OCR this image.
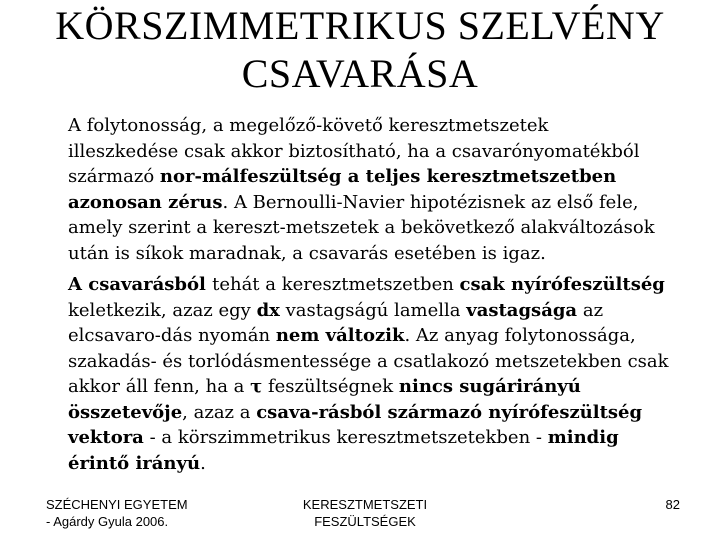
KÖRSZIMMETRIKUS SZELVÉNY
CSAVARÁSA
A folytonosság, a megelőző-követő keresztmetszetek
illeszkedése csak akkor biztosítható, ha a csavarónyomatékból
származó nor-málfeszültség a teljes keresztmetszetben
azonosan zérus. A Bernoulli-Navier hipotézisnek az első fele,
amely szerint a kereszt-metszetek a bekövetkező alakváltozások
után is síkok maradnak, a csavarás esetében is igaz.
A csavarásból tehát a keresztmetszetben csak nyírófeszültség
keletkezik, azaz egy dx vastagságú lamella vastagsága az
elcsavaro-dás nyomán nem változik. Az anyag folytonossága,
szakadás- és torlódásmentessége a csatlakozó metszetekben csak
akkor áll fenn, ha a τ feszültségnek nincs sugárirányú
összetevője, azaz a csava-rásból származó nyírófeszültség
vektora - a körszimmetrikus keresztmetszetekben - mindig
érintő irányú.
SZÉCHENYI EGYETEM
- Agárdy Gyula 2006.
KERESZTMETSZETI
FESZÜLTSÉGEK
82
